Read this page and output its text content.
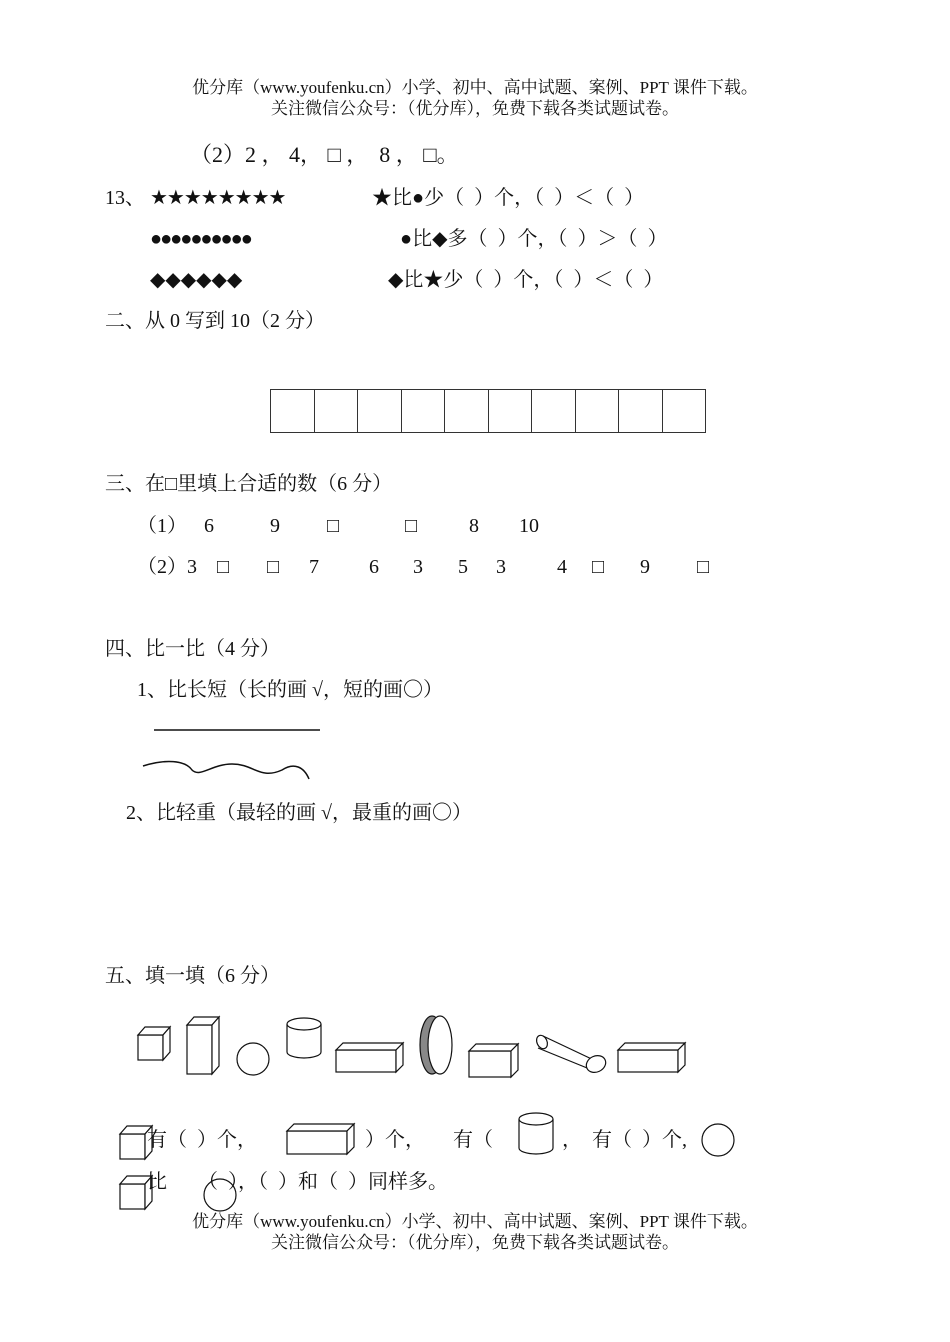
优分库（www.youfenku.cn）小学、初中、高中试题、案例、PPT 课件下载。
关注微信公众号：（优分库），免费下载各类试题试卷。
（2）2 ， 4， □ ，  8 ， □。
13、 ★★★★★★★★	★比●少（  ）个，（  ）＜（  ）
●●●●●●●●●●	●比◆多（  ）个，（  ）＞（  ）
◆◆◆◆◆◆	◆比★少（  ）个，（  ）＜（  ）
二、从 0 写到 10（2 分）
三、在□里填上合适的数（6 分）
（1） 6	9 □	□	8 10
（2）3 □ □ 7	6 3 5 3	4 □ 9 □
四、比一比（4 分）
1、比长短（长的画 √，短的画〇）
2、比轻重（最轻的画 √，最重的画〇）
五、填一填（6 分）
有（  ）个，	）个， 有（	， 有（  ）个,
比 （  ），（  ）和（  ）同样多。
优分库（www.youfenku.cn）小学、初中、高中试题、案例、PPT 课件下载。
关注微信公众号：（优分库），免费下载各类试题试卷。
